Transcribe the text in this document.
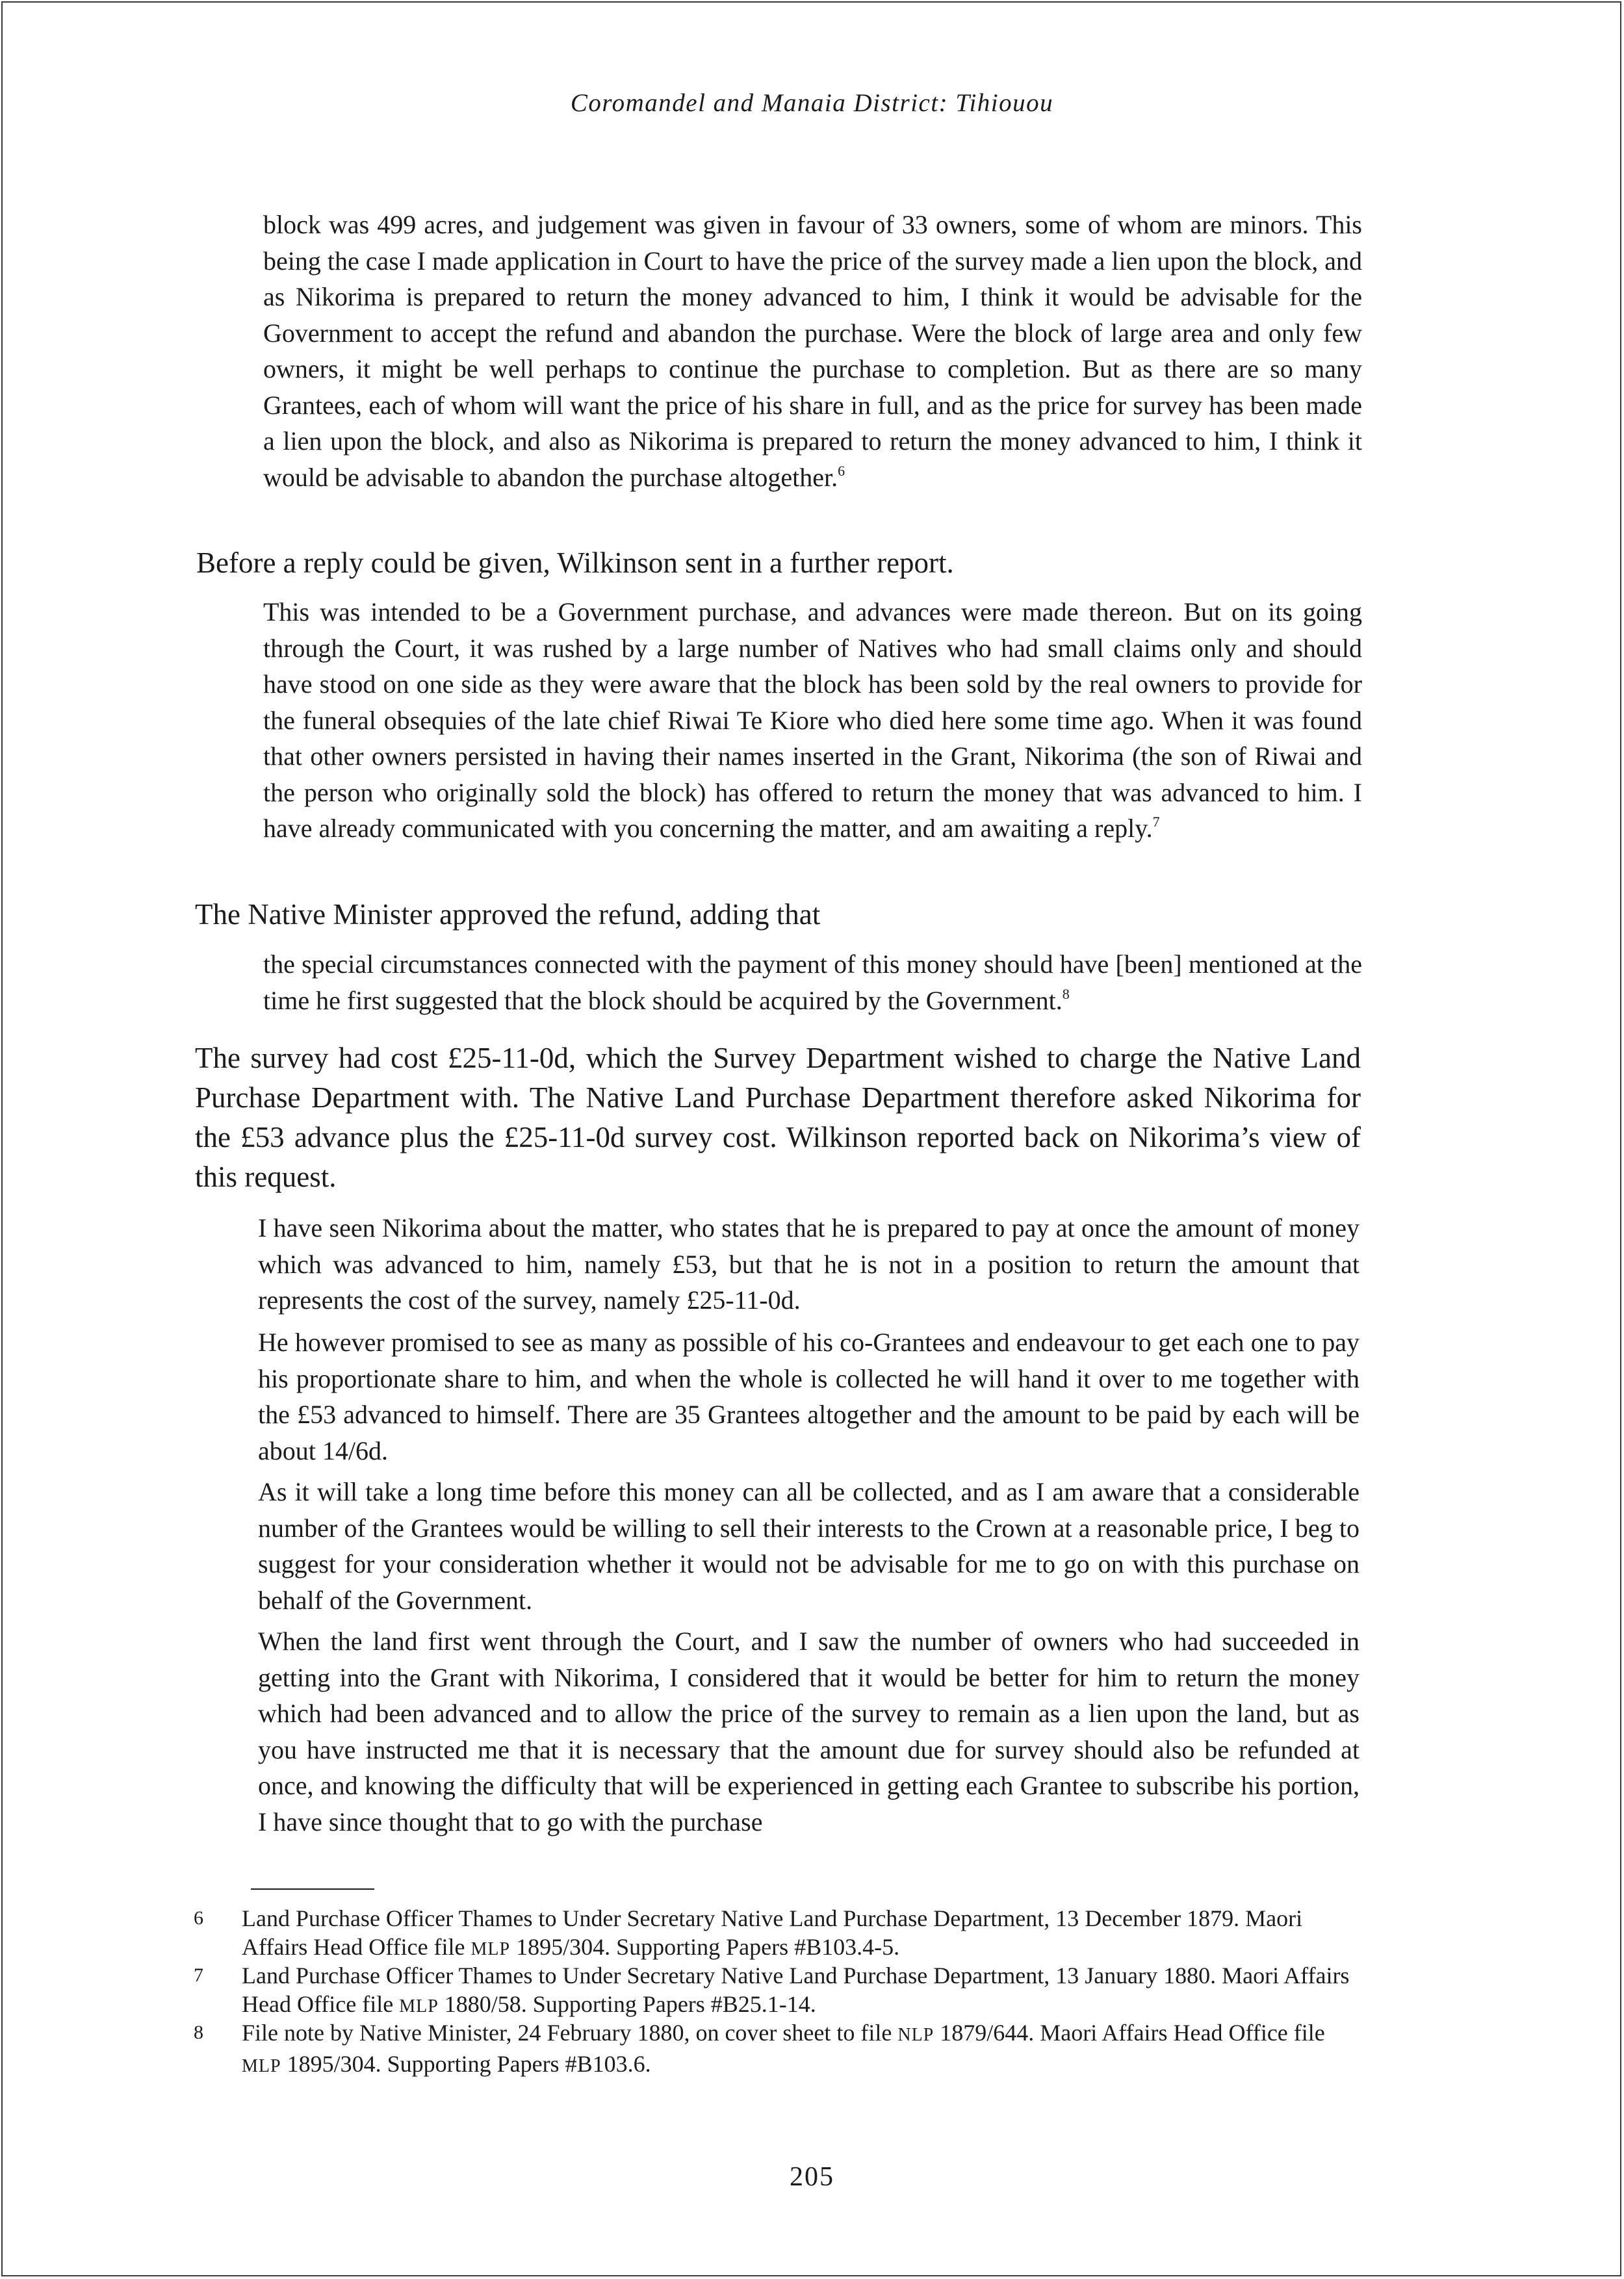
Coromandel and Manaia District: Tihiouou

block was 499 acres, and judgement was given in favour of 33 owners, some of whom are minors. This being the case I made application in Court to have the price of the survey made a lien upon the block, and as Nikorima is prepared to return the money advanced to him, I think it would be advisable for the Government to accept the refund and abandon the purchase. Were the block of large area and only few owners, it might be well perhaps to continue the purchase to completion. But as there are so many Grantees, each of whom will want the price of his share in full, and as the price for survey has been made a lien upon the block, and also as Nikorima is prepared to return the money advanced to him, I think it would be advisable to abandon the purchase altogether.$^6$

Before a reply could be given, Wilkinson sent in a further report.

This was intended to be a Government purchase, and advances were made thereon. But on its going through the Court, it was rushed by a large number of Natives who had small claims only and should have stood on one side as they were aware that the block has been sold by the real owners to provide for the funeral obsequies of the late chief Riwai Te Kiore who died here some time ago. When it was found that other owners persisted in having their names inserted in the Grant, Nikorima (the son of Riwai and the person who originally sold the block) has offered to return the money that was advanced to him. I have already communicated with you concerning the matter, and am awaiting a reply.$^7$

The Native Minister approved the refund, adding that

the special circumstances connected with the payment of this money should have [been] mentioned at the time he first suggested that the block should be acquired by the Government.$^8$

The survey had cost £25-11-0d, which the Survey Department wished to charge the Native Land Purchase Department with. The Native Land Purchase Department therefore asked Nikorima for the £53 advance plus the £25-11-0d survey cost. Wilkinson reported back on Nikorima’s view of this request.

I have seen Nikorima about the matter, who states that he is prepared to pay at once the amount of money which was advanced to him, namely £53, but that he is not in a position to return the amount that represents the cost of the survey, namely £25-11-0d.

He however promised to see as many as possible of his co-Grantees and endeavour to get each one to pay his proportionate share to him, and when the whole is collected he will hand it over to me together with the £53 advanced to himself. There are 35 Grantees altogether and the amount to be paid by each will be about 14/6d.

As it will take a long time before this money can all be collected, and as I am aware that a considerable number of the Grantees would be willing to sell their interests to the Crown at a reasonable price, I beg to suggest for your consideration whether it would not be advisable for me to go on with this purchase on behalf of the Government.

When the land first went through the Court, and I saw the number of owners who had succeeded in getting into the Grant with Nikorima, I considered that it would be better for him to return the money which had been advanced and to allow the price of the survey to remain as a lien upon the land, but as you have instructed me that it is necessary that the amount due for survey should also be refunded at once, and knowing the difficulty that will be experienced in getting each Grantee to subscribe his portion, I have since thought that to go with the purchase

6 Land Purchase Officer Thames to Under Secretary Native Land Purchase Department, 13 December 1879. Maori Affairs Head Office file MLP 1895/304. Supporting Papers #B103.4-5.
7 Land Purchase Officer Thames to Under Secretary Native Land Purchase Department, 13 January 1880. Maori Affairs Head Office file MLP 1880/58. Supporting Papers #B25.1-14.
8 File note by Native Minister, 24 February 1880, on cover sheet to file NLP 1879/644. Maori Affairs Head Office file MLP 1895/304. Supporting Papers #B103.6.
205
